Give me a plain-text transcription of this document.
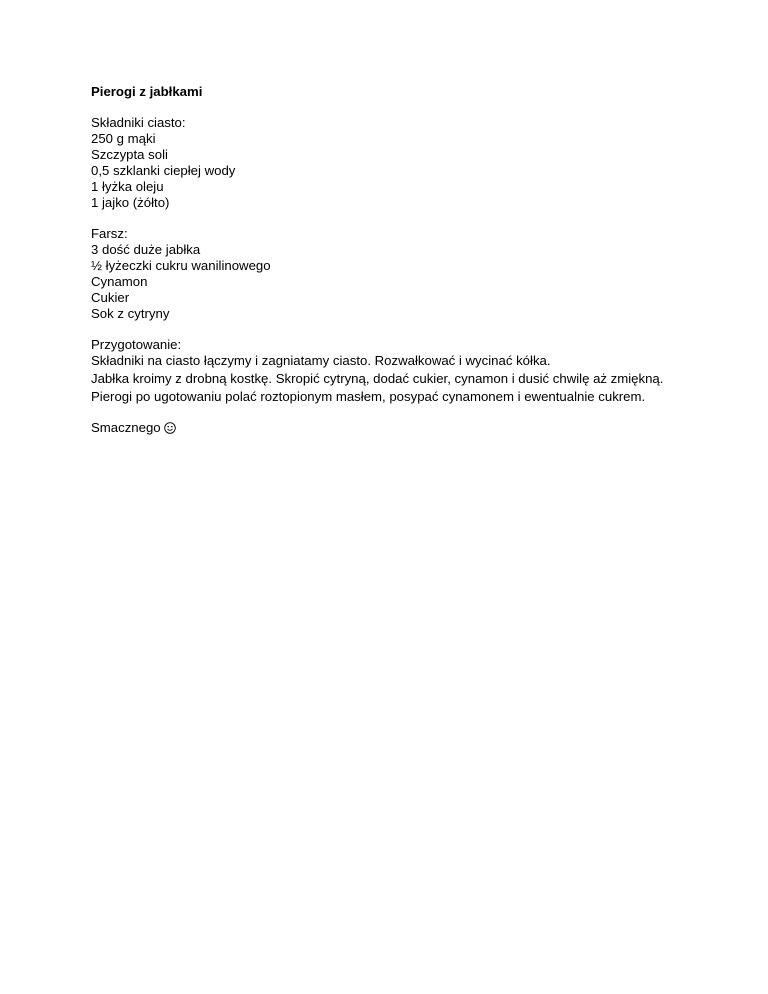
Pierogi z jabłkami
Składniki ciasto:
250 g mąki
Szczypta soli
0,5 szklanki ciepłej wody
1 łyżka oleju
1 jajko (żółto)
Farsz:
3 dość duże jabłka
½ łyżeczki cukru wanilinowego
Cynamon
Cukier
Sok z cytryny
Przygotowanie:
Składniki na ciasto łączymy i zagniatamy ciasto. Rozwałkować i wycinać kółka.
Jabłka kroimy z drobną kostkę. Skropić cytryną, dodać cukier, cynamon i dusić chwilę aż zmiękną.
Pierogi po ugotowaniu polać roztopionym masłem, posypać cynamonem i ewentualnie cukrem.
Smacznego
